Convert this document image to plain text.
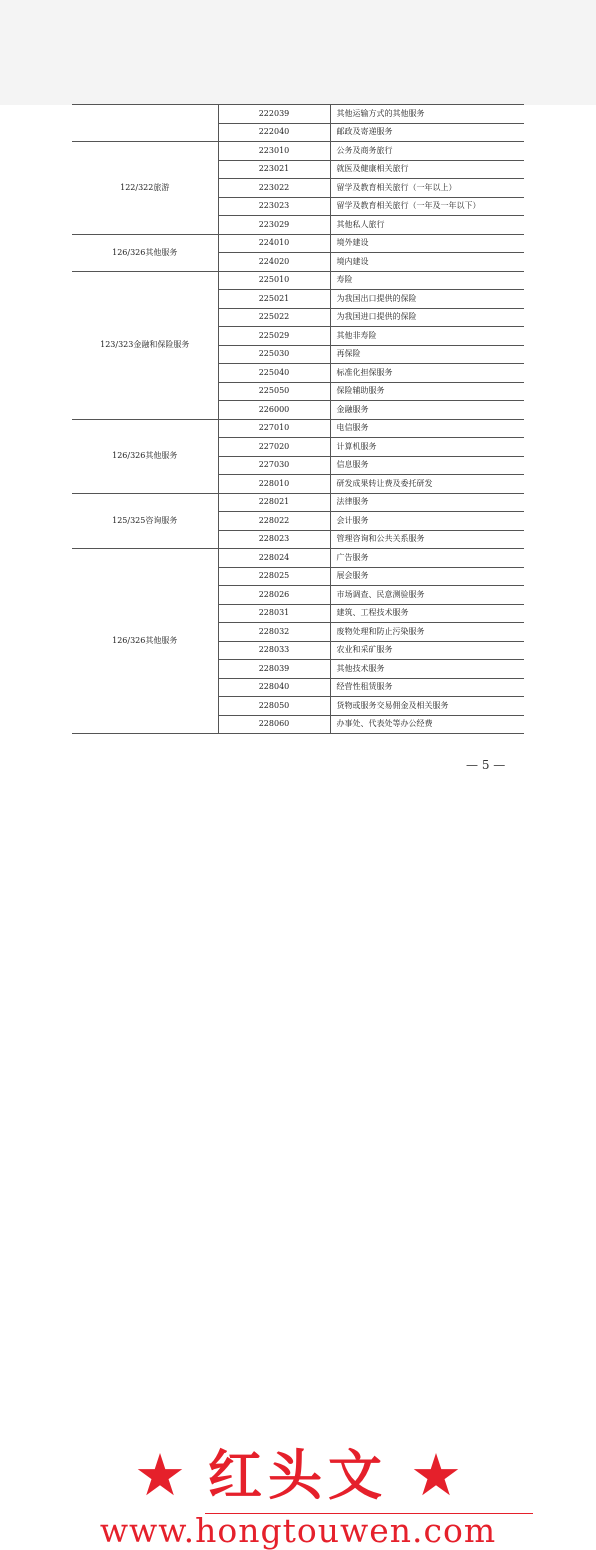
	222039	其他运输方式的其他服务
	222040	邮政及寄递服务
122/322旅游	223010	公务及商务旅行
	223021	就医及健康相关旅行
	223022	留学及教育相关旅行（一年以上）
	223023	留学及教育相关旅行（一年及一年以下）
	223029	其他私人旅行
126/326其他服务	224010	境外建设
	224020	境内建设
123/323金融和保险服务	225010	寿险
	225021	为我国出口提供的保险
	225022	为我国进口提供的保险
	225029	其他非寿险
	225030	再保险
	225040	标准化担保服务
	225050	保险辅助服务
	226000	金融服务
126/326其他服务	227010	电信服务
	227020	计算机服务
	227030	信息服务
	228010	研发成果转让费及委托研发
125/325咨询服务	228021	法律服务
	228022	会计服务
	228023	管理咨询和公共关系服务
126/326其他服务	228024	广告服务
	228025	展会服务
	228026	市场调查、民意测验服务
	228031	建筑、工程技术服务
	228032	废物处理和防止污染服务
	228033	农业和采矿服务
	228039	其他技术服务
	228040	经营性租赁服务
	228050	货物或服务交易佣金及相关服务
	228060	办事处、代表处等办公经费
— 5 —
★ 红头文 ★
www.hongtouwen.com
